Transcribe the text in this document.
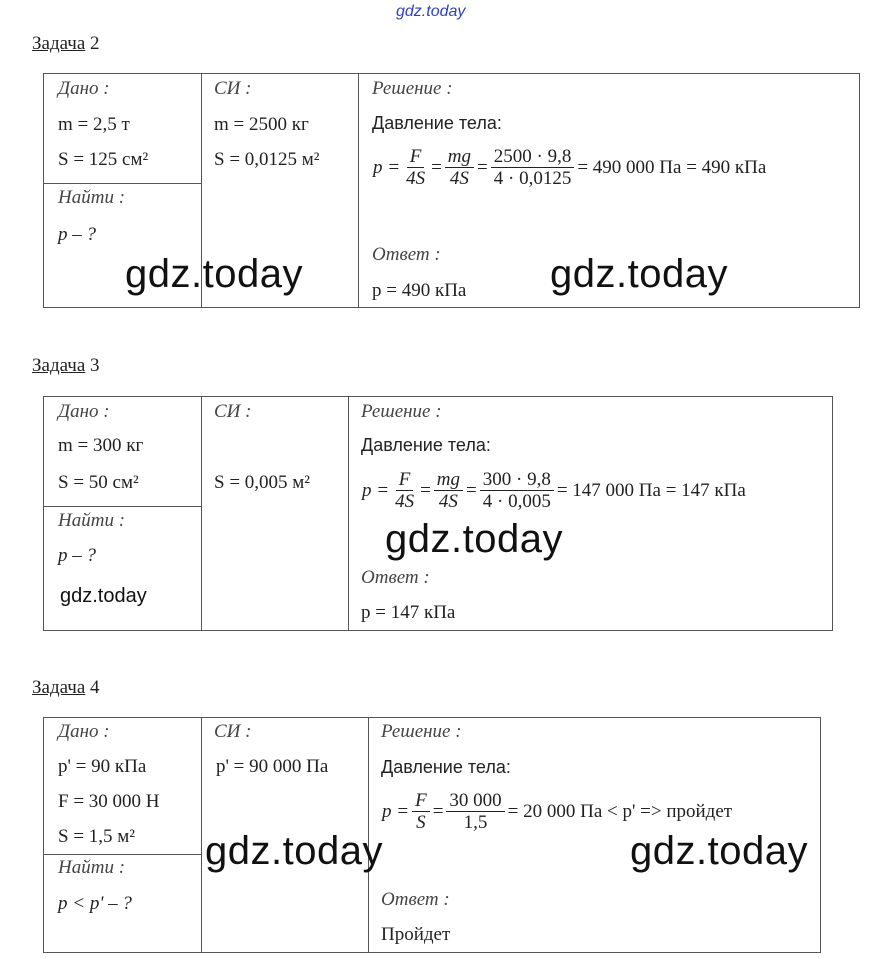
gdz.today
Задача 2
Дано :
m = 2,5 т
S = 125 см²
Найти :
p – ?
СИ :
m = 2500 кг
S = 0,0125 м²
Решение :
Давление тела:
$p = \frac{F}{4S} = \frac{mg}{4S} = \frac{2500 \cdot 9,8}{4 \cdot 0,0125} = 490$ 000 Па = 490 кПа
Ответ :
p = 490 кПа
gdz.today	gdz.today
Задача 3
Дано :
m = 300 кг
S = 50 см²
Найти :
p – ?
СИ :
S = 0,005 м²
Решение :
Давление тела:
$p = \frac{F}{4S} = \frac{mg}{4S} = \frac{300 \cdot 9,8}{4 \cdot 0,005} = 147$ 000 Па = 147 кПа
Ответ :
p = 147 кПа
gdz.today
gdz.today
Задача 4
Дано :
p' = 90 кПа
F = 30 000 Н
S = 1,5 м²
Найти :
p < p' – ?
СИ :
p' = 90 000 Па
Решение :
Давление тела:
$p = \frac{F}{S} = \frac{30 000}{1,5} = 20$ 000 Па < p' => пройдет
Ответ :
Пройдет
gdz.today	gdz.today
